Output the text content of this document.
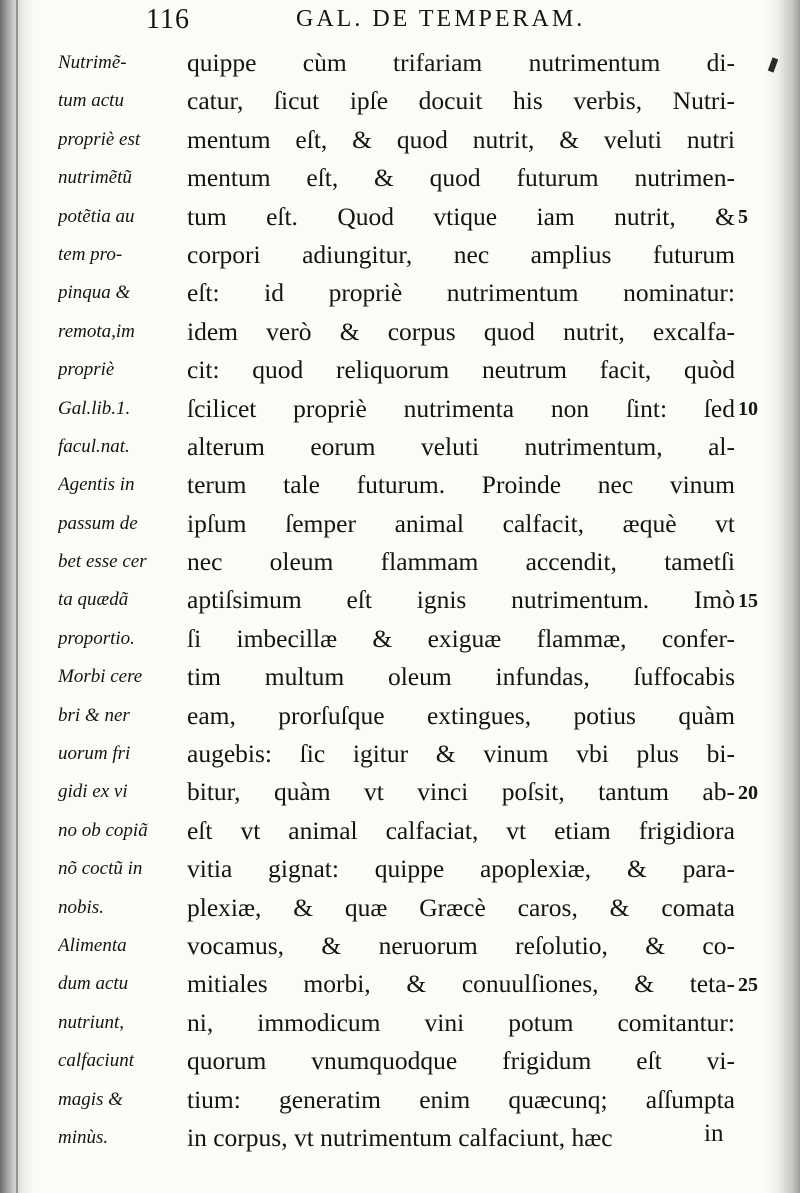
116	GAL. DE TEMPERAM.
Nutrimẽ-
tum actu
propriè est
nutrimẽtũ
potẽtia au
tem pro-
pinqua &
remota,im
propriè
Gal.lib.1.
facul.nat.
Agentis in
passum de
bet esse cer
ta quædã
proportio.
Morbi cere
bri & ner
uorum fri
gidi ex vi
no ob copiã
nõ coctũ in
nobis.
Alimenta
dum actu
nutriunt,
calfaciunt
magis &
minùs.
quippe cùm trifariam nutrimentum di-
catur, ſicut ipſe docuit his verbis, Nutri-
mentum eſt, & quod nutrit, & veluti nutri
mentum eſt, & quod futurum nutrimen-
tum eſt. Quod vtique iam nutrit, &
corpori adiungitur, nec amplius futurum
eſt: id propriè nutrimentum nominatur:
idem verò & corpus quod nutrit, excalfa-
cit: quod reliquorum neutrum facit, quòd
ſcilicet propriè nutrimenta non ſint: ſed
alterum eorum veluti nutrimentum, al-
terum tale futurum. Proinde nec vinum
ipſum ſemper animal calfacit, æquè vt
nec oleum flammam accendit, tametſi
aptiſsimum eſt ignis nutrimentum. Imò
ſi imbecillæ & exiguæ flammæ, confer-
tim multum oleum infundas, ſuffocabis
eam, prorſuſque extingues, potius quàm
augebis: ſic igitur & vinum vbi plus bi-
bitur, quàm vt vinci poſsit, tantum ab-
eſt vt animal calfaciat, vt etiam frigidiora
vitia gignat: quippe apoplexiæ, & para-
plexiæ, & quæ Græcè caros, & comata
vocamus, & neruorum reſolutio, & co-
mitiales morbi, & conuulſiones, & teta-
ni, immodicum vini potum comitantur:
quorum vnumquodque frigidum eſt vi-
tium: generatim enim quæcunq; aſſumpta
in corpus, vt nutrimentum calfaciunt, hæc
5
10
15
20
25
in
